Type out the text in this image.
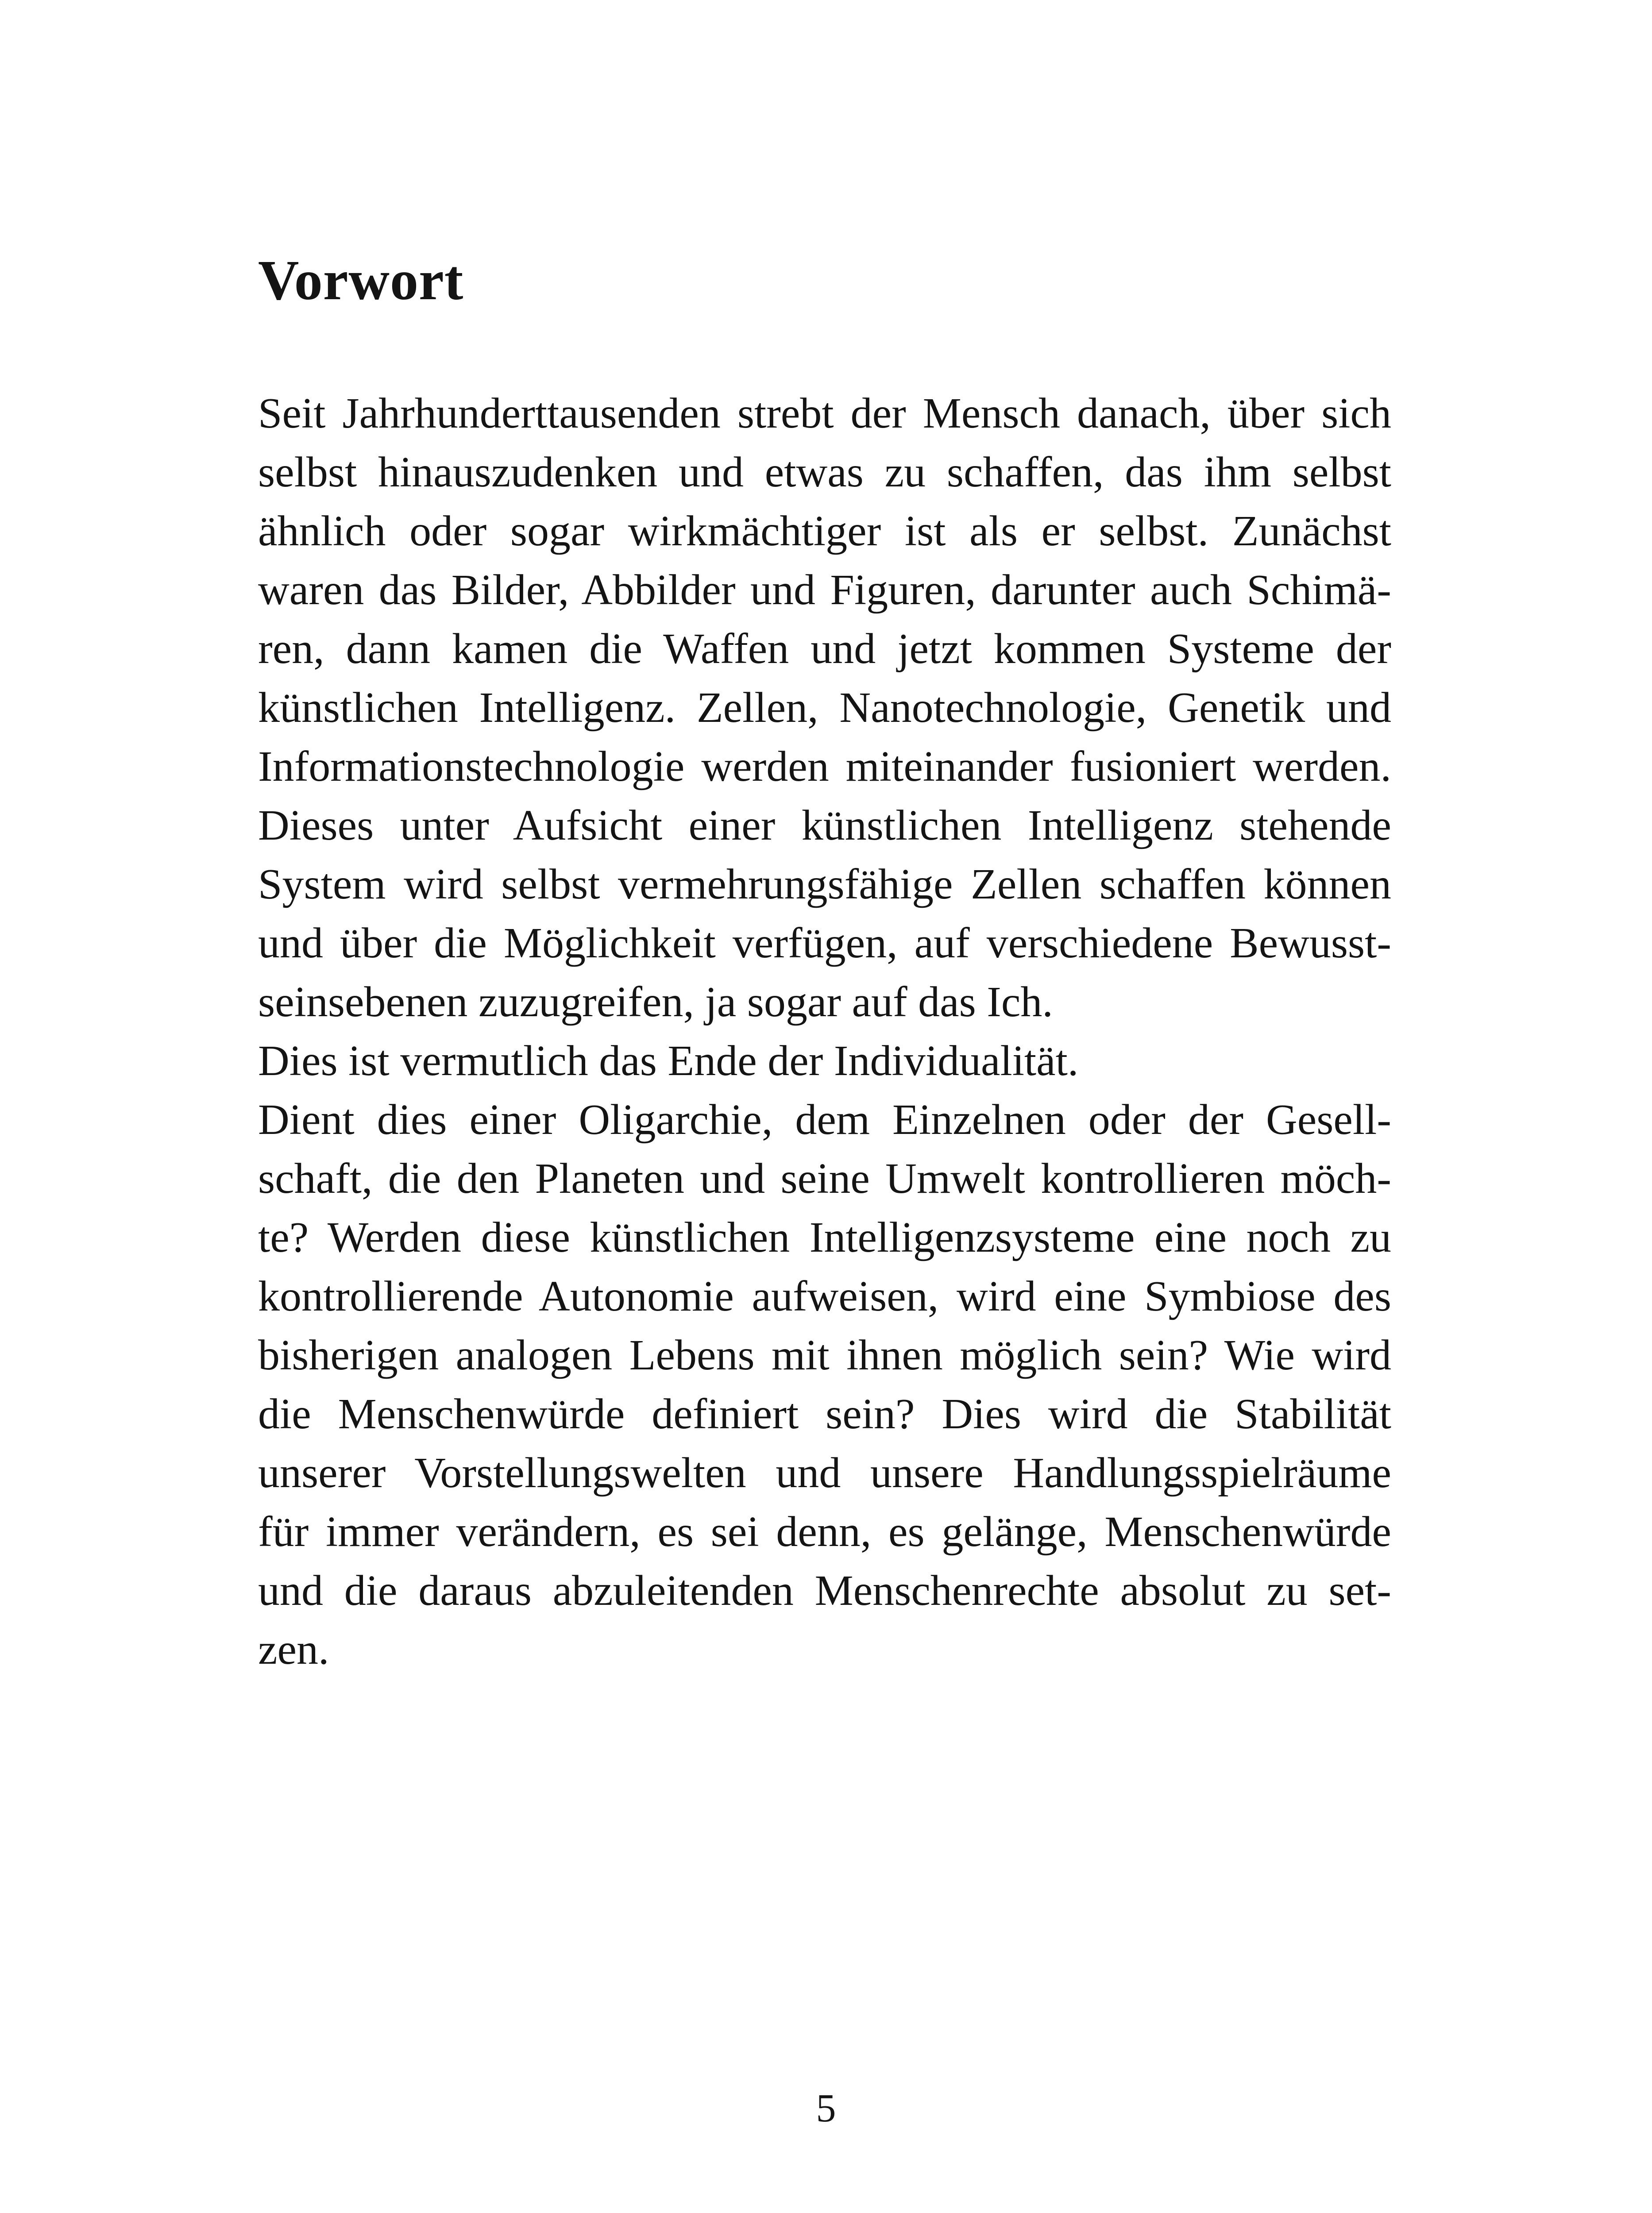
Vorwort
Seit Jahrhunderttausenden strebt der Mensch danach, über sich
selbst hinauszudenken und etwas zu schaffen, das ihm selbst
ähnlich oder sogar wirkmächtiger ist als er selbst. Zunächst
waren das Bilder, Abbilder und Figuren, darunter auch Schimä-
ren, dann kamen die Waffen und jetzt kommen Systeme der
künstlichen Intelligenz. Zellen, Nanotechnologie, Genetik und
Informationstechnologie werden miteinander fusioniert werden.
Dieses unter Aufsicht einer künstlichen Intelligenz stehende
System wird selbst vermehrungsfähige Zellen schaffen können
und über die Möglichkeit verfügen, auf verschiedene Bewusst-
seinsebenen zuzugreifen, ja sogar auf das Ich.
Dies ist vermutlich das Ende der Individualität.
Dient dies einer Oligarchie, dem Einzelnen oder der Gesell-
schaft, die den Planeten und seine Umwelt kontrollieren möch-
te? Werden diese künstlichen Intelligenzsysteme eine noch zu
kontrollierende Autonomie aufweisen, wird eine Symbiose des
bisherigen analogen Lebens mit ihnen möglich sein? Wie wird
die Menschenwürde definiert sein? Dies wird die Stabilität
unserer Vorstellungswelten und unsere Handlungsspielräume
für immer verändern, es sei denn, es gelänge, Menschenwürde
und die daraus abzuleitenden Menschenrechte absolut zu set-
zen.
5
